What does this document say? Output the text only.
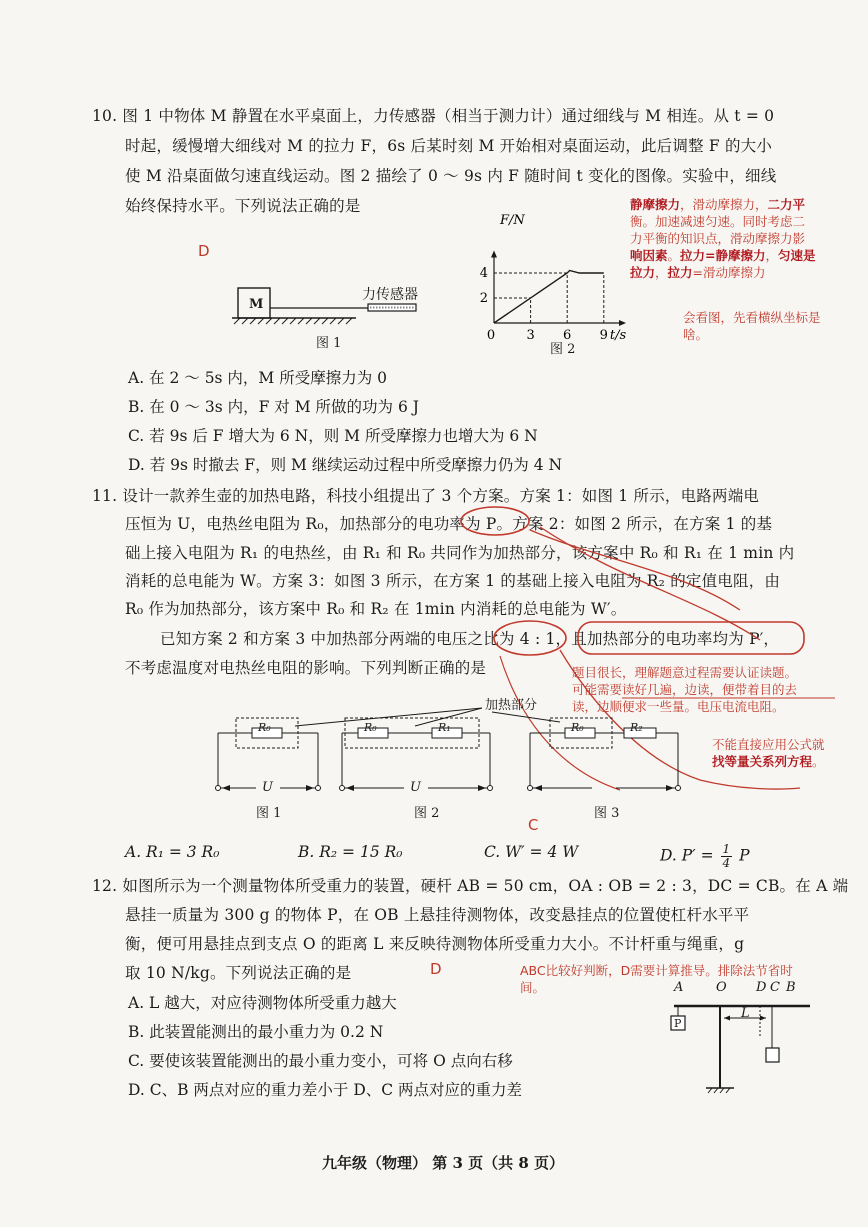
10. 图 1 中物体 M 静置在水平桌面上，力传感器（相当于测力计）通过细线与 M 相连。从 t = 0
时起，缓慢增大细线对 M 的拉力 F，6s 后某时刻 M 开始相对桌面运动，此后调整 F 的大小
使 M 沿桌面做匀速直线运动。图 2 描绘了 0 ～ 9s 内 F 随时间 t 变化的图像。实验中，细线
始终保持水平。下列说法正确的是
D
M
力传感器
图 1
0 3 6 9
2
4
F/N
t/s
图 2
静摩擦力，滑动摩擦力，二力平
衡。加速减速匀速。同时考虑二
力平衡的知识点，滑动摩擦力影
响因素。拉力=静摩擦力，匀速是
拉力，拉力=滑动摩擦力
会看图，先看横纵坐标是
啥。
A. 在 2 ～ 5s 内，M 所受摩擦力为 0
B. 在 0 ～ 3s 内，F 对 M 所做的功为 6 J
C. 若 9s 后 F 增大为 6 N，则 M 所受摩擦力也增大为 6 N
D. 若 9s 时撤去 F，则 M 继续运动过程中所受摩擦力仍为 4 N
11. 设计一款养生壶的加热电路，科技小组提出了 3 个方案。方案 1：如图 1 所示，电路两端电
压恒为 U，电热丝电阻为 R₀，加热部分的电功率为 P。方案 2：如图 2 所示，在方案 1 的基
础上接入电阻为 R₁ 的电热丝，由 R₁ 和 R₀ 共同作为加热部分，该方案中 R₀ 和 R₁ 在 1 min 内
消耗的总电能为 W。方案 3：如图 3 所示，在方案 1 的基础上接入电阻为 R₂ 的定值电阻，由
R₀ 作为加热部分，该方案中 R₀ 和 R₂ 在 1min 内消耗的总电能为 W′。
已知方案 2 和方案 3 中加热部分两端的电压之比为 4 : 1，且加热部分的电功率均为 P′，
不考虑温度对电热丝电阻的影响。下列判断正确的是	题目很长，理解题意过程需要认证读题。
可能需要读好几遍，边读，便带着目的去
读，边顺便求一些量。电压电流电阻。
不能直接应用公式就
找等量关系列方程。
加热部分
R₀
U
图 1
R₀	R₁
U
图 2
R₀	R₂
图 3
C
A. R₁ = 3 R₀	B. R₂ = 15 R₀	C. W′ = 4 W	D. $P' = \frac{1}{4}$ P
12. 如图所示为一个测量物体所受重力的装置，硬杆 AB = 50 cm，OA : OB = 2 : 3，DC = CB。在 A 端
悬挂一质量为 300 g 的物体 P，在 OB 上悬挂待测物体，改变悬挂点的位置使杠杆水平平
衡，便可用悬挂点到支点 O 的距离 L 来反映待测物体所受重力大小。不计杆重与绳重，g
取 10 N/kg。下列说法正确的是	D	ABC比较好判断，D需要计算推导。排除法节省时
间。
A. L 越大，对应待测物体所受重力越大
B. 此装置能测出的最小重力为 0.2 N
C. 要使该装置能测出的最小重力变小，可将 O 点向右移
D. C、B 两点对应的重力差小于 D、C 两点对应的重力差
A	O D C B
L
P
九年级（物理） 第 3 页（共 8 页）
